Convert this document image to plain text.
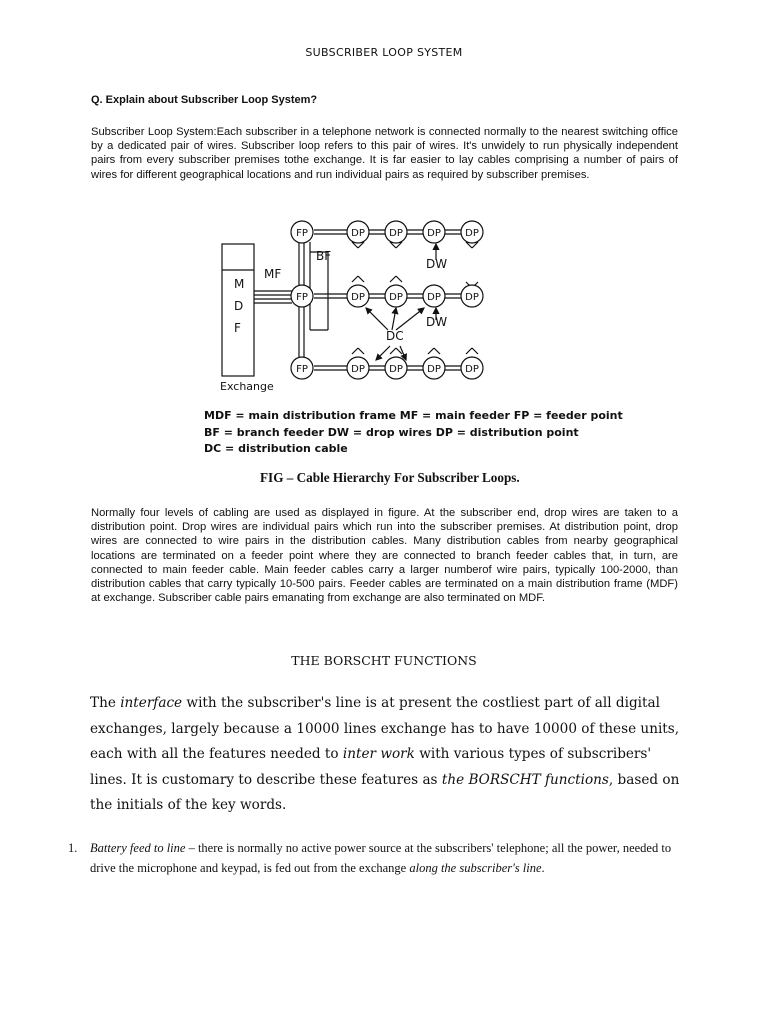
SUBSCRIBER LOOP SYSTEM
Q. Explain about Subscriber Loop System?
Subscriber Loop System:Each subscriber in a telephone network is connected normally to the nearest switching office by a dedicated pair of wires. Subscriber loop refers to this pair of wires. It's unwidely to run physically independent pairs from every subscriber premises tothe exchange. It is far easier to lay cables comprising a number of pairs of wires for different geographical locations and run individual pairs as required by subscriber premises.
FP	DP DP DP DP
FP	DP DP DP DP
FP	DP DP DP DP
BF
MF
DW
DW
DC
M
D
F
Exchange
MDF = main distribution frame MF = main feeder FP = feeder point
BF = branch feeder DW = drop wires DP = distribution point
DC = distribution cable
FIG – Cable Hierarchy For Subscriber Loops.
Normally four levels of cabling are used as displayed in figure. At the subscriber end, drop wires are taken to a distribution point. Drop wires are individual pairs which run into the subscriber premises. At distribution point, drop wires are connected to wire pairs in the distribution cables. Many distribution cables from nearby geographical locations are terminated on a feeder point where they are connected to branch feeder cables that, in turn, are connected to main feeder cable. Main feeder cables carry a larger numberof wire pairs, typically 100-2000, than distribution cables that carry typically 10-500 pairs. Feeder cables are terminated on a main distribution frame (MDF) at exchange. Subscriber cable pairs emanating from exchange are also terminated on MDF.
THE BORSCHT FUNCTIONS
The interface with the subscriber's line is at present the costliest part of all digital exchanges, largely because a 10000 lines exchange has to have 10000 of these units, each with all the features needed to inter work with various types of subscribers' lines. It is customary to describe these features as the BORSCHT functions, based on the initials of the key words.
1. Battery feed to line – there is normally no active power source at the subscribers' telephone; all the power, needed to drive the microphone and keypad, is fed out from the exchange along the subscriber's line.
